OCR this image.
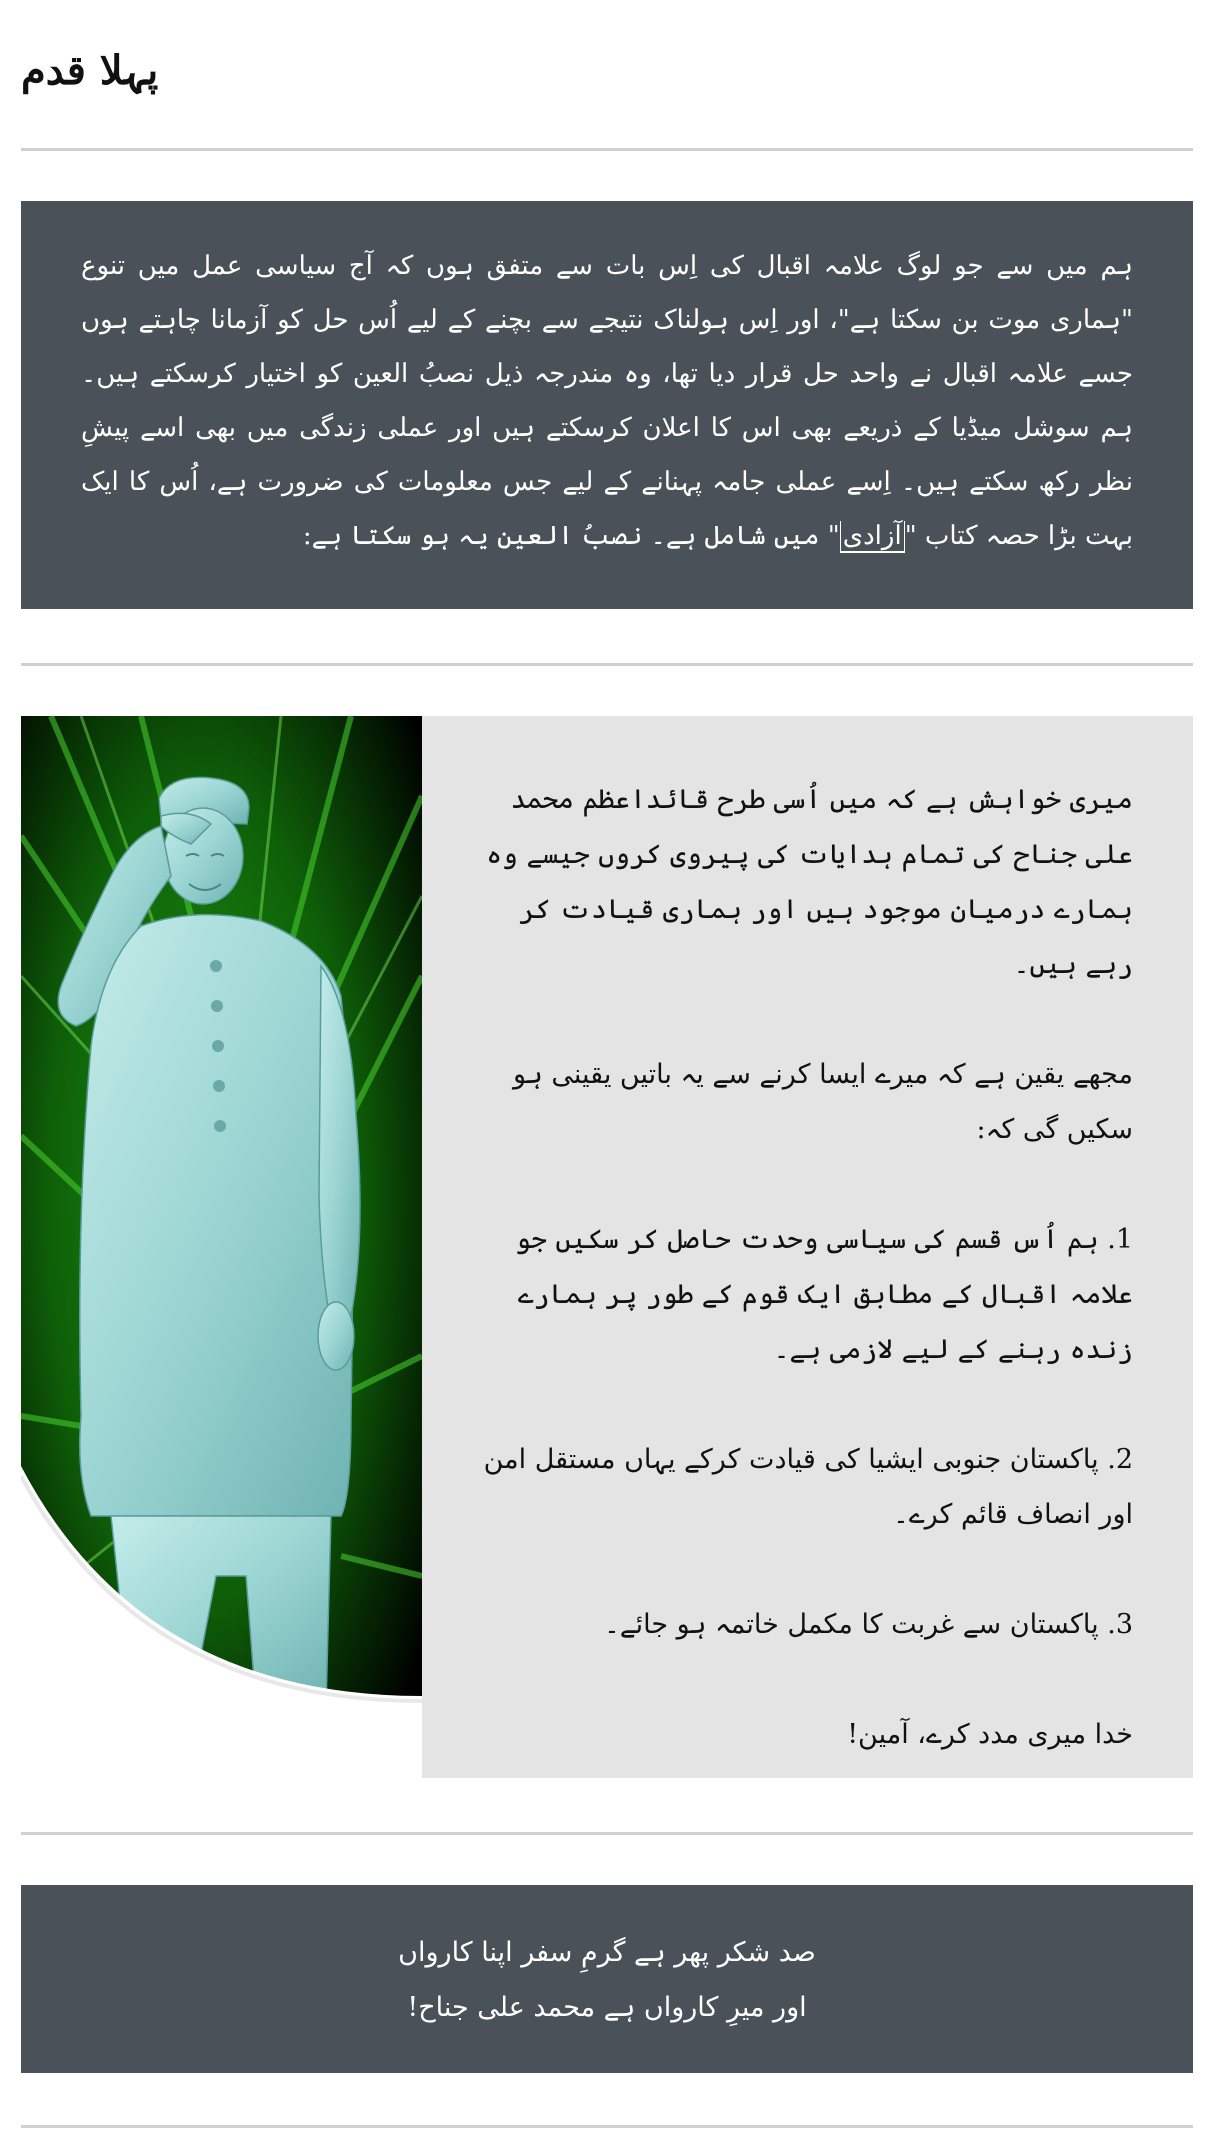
پہلا قدم
ہم میں سے جو لوگ علامہ اقبال کی اِس بات سے متفق ہوں کہ آج سیاسی عمل میں تنوع "ہماری موت بن سکتا ہے"، اور اِس ہولناک نتیجے سے بچنے کے لیے اُس حل کو آزمانا چاہتے ہوں جسے علامہ اقبال نے واحد حل قرار دیا تھا، وہ مندرجہ ذیل نصبُ العین کو اختیار کرسکتے ہیں۔ ہم سوشل میڈیا کے ذریعے بھی اس کا اعلان کرسکتے ہیں اور عملی زندگی میں بھی اسے پیشِ نظر رکھ سکتے ہیں۔ اِسے عملی جامہ پہنانے کے لیے جس معلومات کی ضرورت ہے، اُس کا ایک بہت بڑا حصہ کتاب "آزادی" میں شامل ہے۔ نصبُ العین یہ ہو سکتا ہے:

میری خواہش ہے کہ میں اُسی طرح قائداعظم محمد علی جناح کی تمام ہدایات کی پیروی کروں جیسے وہ ہمارے درمیان موجود ہیں اور ہماری قیادت کر رہے ہیں۔

مجھے یقین ہے کہ میرے ایسا کرنے سے یہ باتیں یقینی ہو سکیں گی کہ:

1. ہم اُس قسم کی سیاسی وحدت حاصل کر سکیں جو علامہ اقبال کے مطابق ایک قوم کے طور پر ہمارے زندہ رہنے کے لیے لازمی ہے۔

2. پاکستان جنوبی ایشیا کی قیادت کرکے یہاں مستقل امن اور انصاف قائم کرے۔

3. پاکستان سے غربت کا مکمل خاتمہ ہو جائے۔

خدا میری مدد کرے، آمین!

صد شکر پھر ہے گرمِ سفر اپنا کارواں
اور میرِ کارواں ہے محمد علی جناح!
